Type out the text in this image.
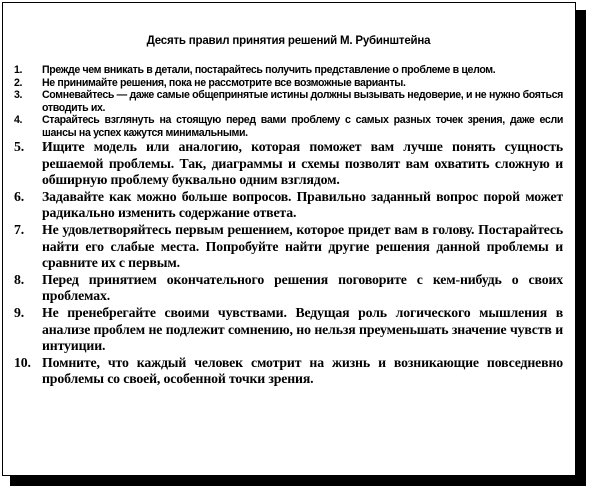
Десять правил принятия решений М. Рубинштейна
1.	Прежде чем вникать в детали, постарайтесь получить представление о проблеме в целом.
2.	Не принимайте решения, пока не рассмотрите все возможные варианты.
3.	Сомневайтесь — даже самые общепринятые истины должны вызывать недоверие, и не нужно бояться отводить их.
4.	Старайтесь взглянуть на стоящую перед вами проблему с самых разных точек зрения, даже если шансы на успех кажутся минимальными.
5.	Ищите модель или аналогию, которая поможет вам лучше понять сущность решаемой проблемы. Так, диаграммы и схемы позволят вам охватить сложную и обширную проблему буквально одним взглядом.
6.	Задавайте как можно больше вопросов. Правильно заданный вопрос порой может радикально изменить содержание ответа.
7.	Не удовлетворяйтесь первым решением, которое придет вам в голову. Постарайтесь найти его слабые места. Попробуйте найти другие решения данной проблемы и сравните их с первым.
8.	Перед принятием окончательного решения поговорите с кем-нибудь о своих проблемах.
9.	Не пренебрегайте своими чувствами. Ведущая роль логического мышления в анализе проблем не подлежит сомнению, но нельзя преуменьшать значение чувств и интуиции.
10. Помните, что каждый человек смотрит на жизнь и возникающие повседневно проблемы со своей, особенной точки зрения.
